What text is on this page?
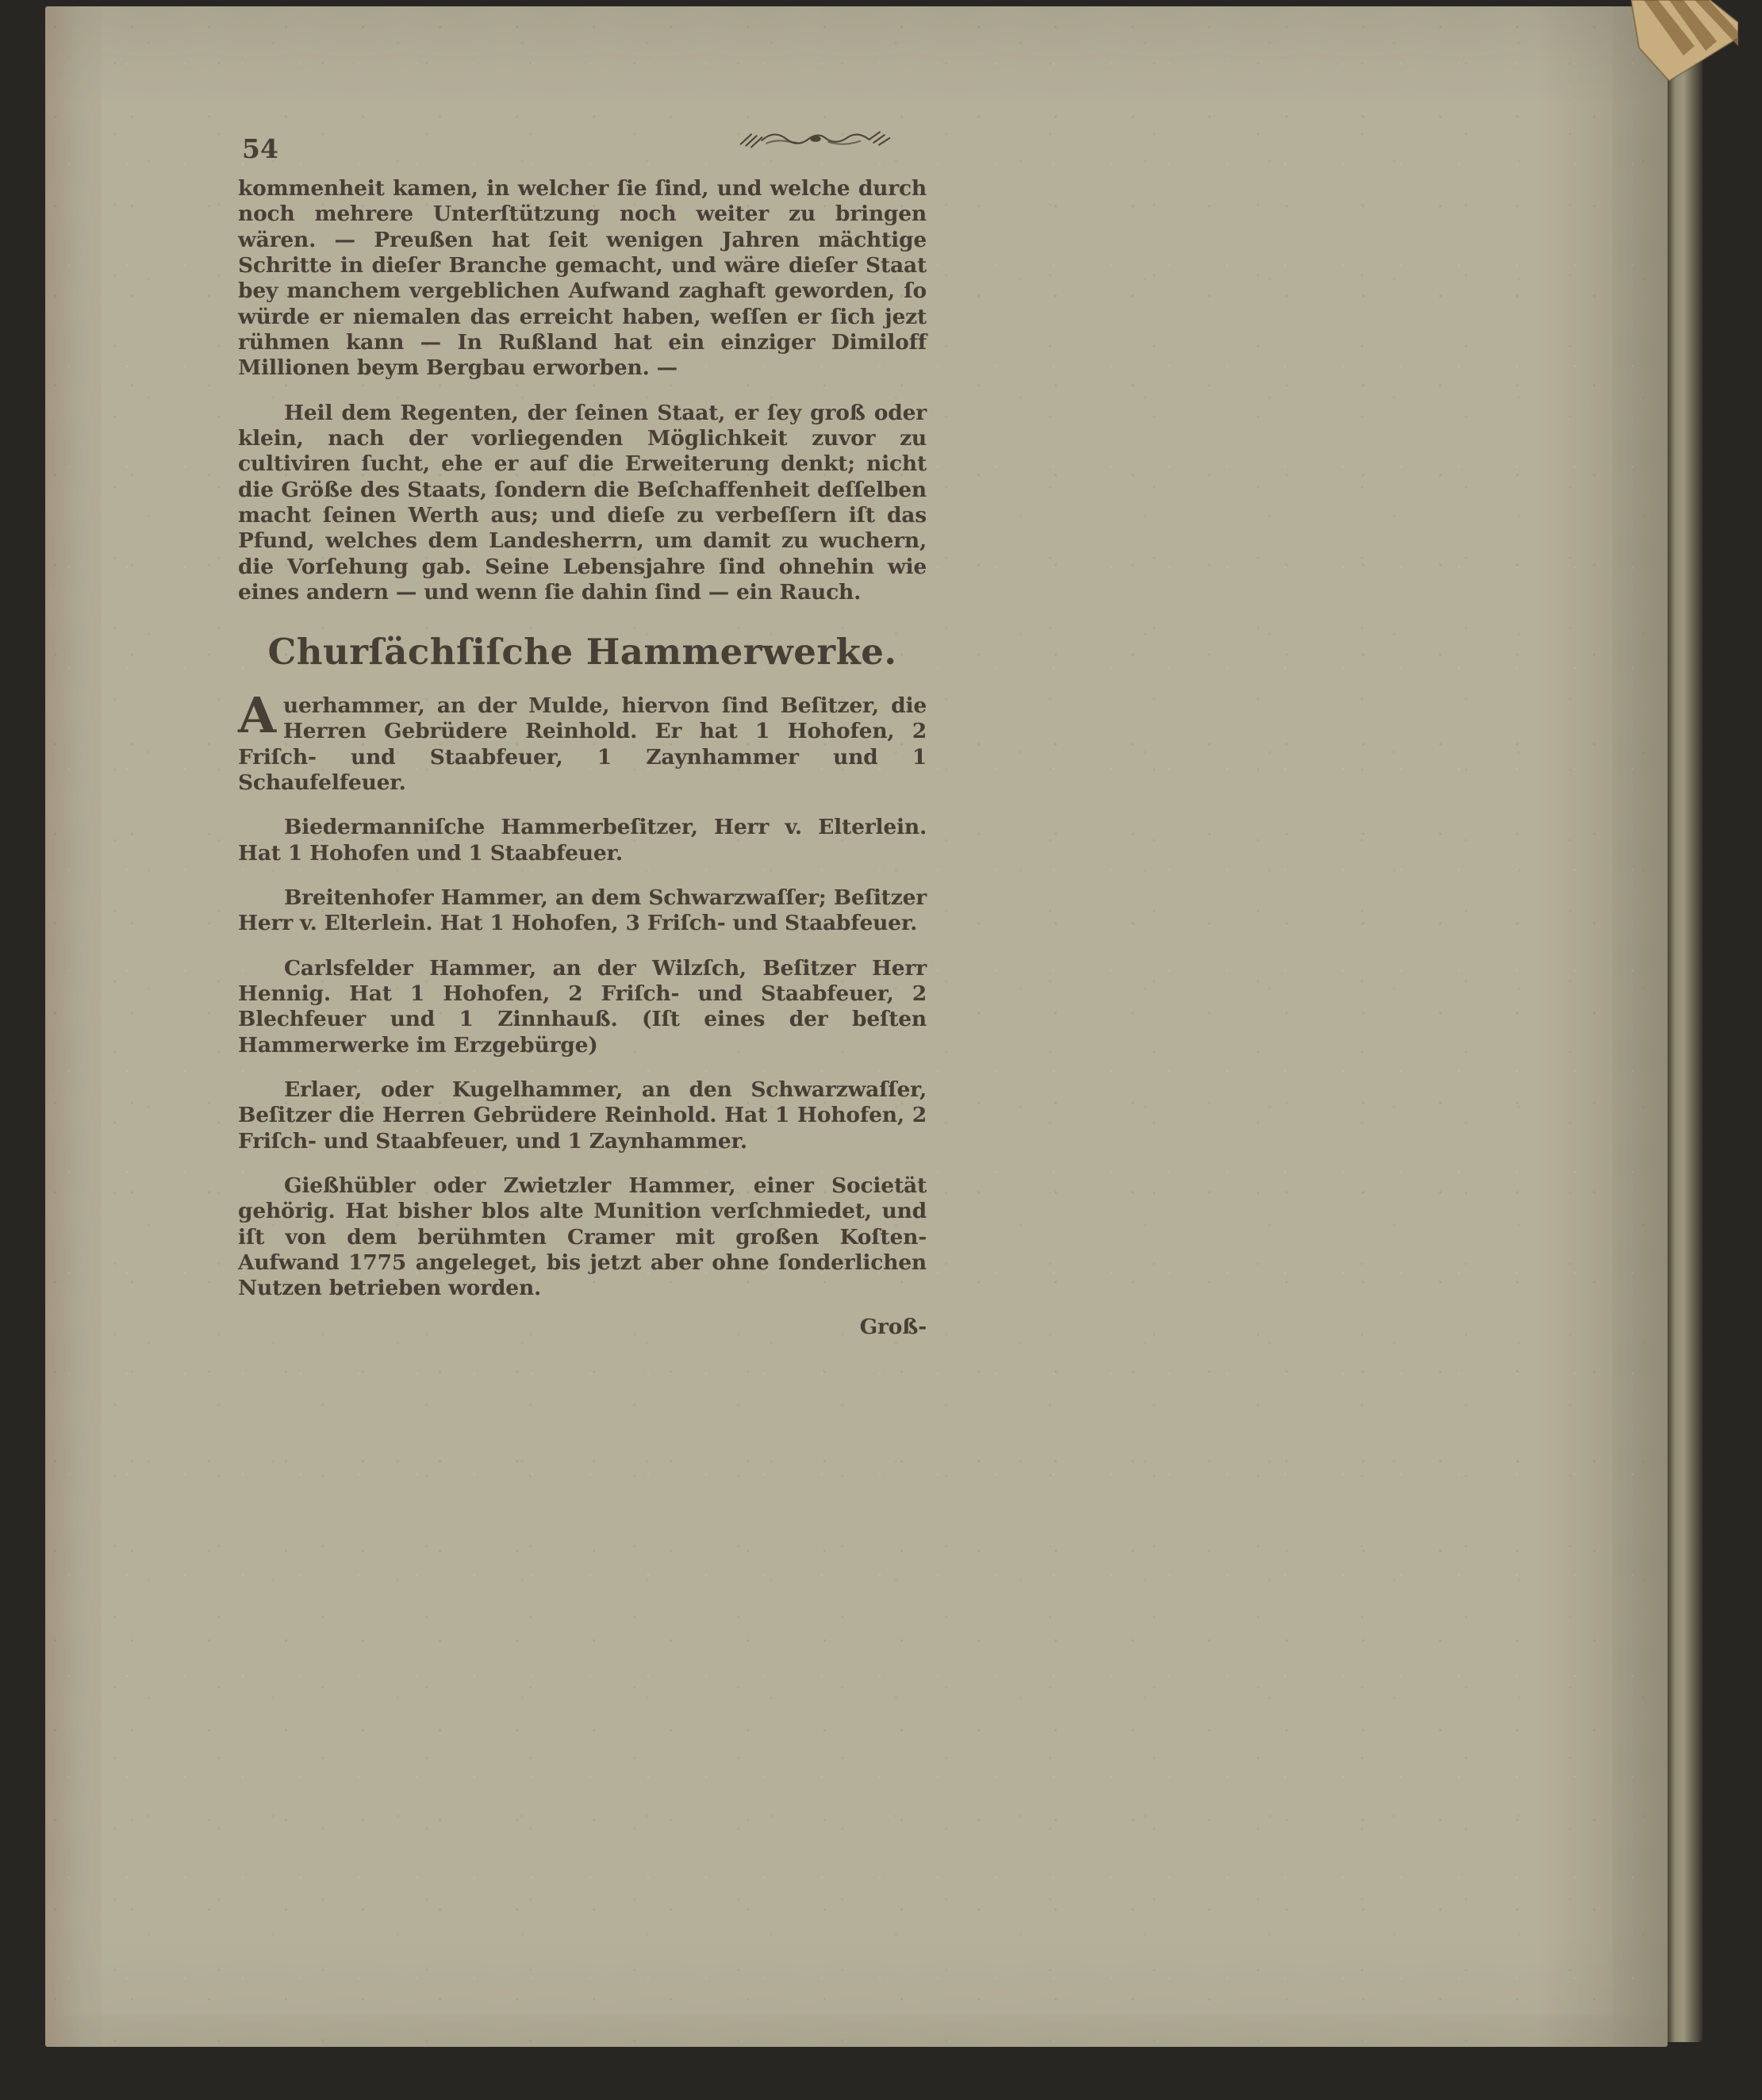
54

kommenheit kamen, in welcher ſie ſind, und welche durch noch mehrere Unterſtützung noch weiter zu bringen wären. — Preußen hat ſeit wenigen Jahren mächtige Schritte in dieſer Branche gemacht, und wäre dieſer Staat bey manchem vergeblichen Aufwand zaghaft geworden, ſo würde er niemalen das erreicht haben, weſſen er ſich jezt rühmen kann — In Rußland hat ein einziger Dimiloff Millionen beym Bergbau erworben. —

Heil dem Regenten, der ſeinen Staat, er ſey groß oder klein, nach der vorliegenden Möglichkeit zuvor zu cultiviren ſucht, ehe er auf die Erweiterung denkt; nicht die Größe des Staats, ſondern die Beſchaffenheit deſſelben macht ſeinen Werth aus; und dieſe zu verbeſſern iſt das Pfund, welches dem Landesherrn, um damit zu wuchern, die Vorſehung gab. Seine Lebensjahre ſind ohnehin wie eines andern — und wenn ſie dahin ſind — ein Rauch.

Churſächſiſche Hammerwerke.

Auerhammer, an der Mulde, hiervon ſind Beſitzer, die Herren Gebrüdere Reinhold. Er hat 1 Hohofen, 2 Friſch- und Staabfeuer, 1 Zaynhammer und 1 Schaufelfeuer.

Biedermanniſche Hammerbeſitzer, Herr v. Elterlein. Hat 1 Hohofen und 1 Staabfeuer.

Breitenhofer Hammer, an dem Schwarzwaſſer; Beſitzer Herr v. Elterlein. Hat 1 Hohofen, 3 Friſch- und Staabfeuer.

Carlsfelder Hammer, an der Wilzſch, Beſitzer Herr Hennig. Hat 1 Hohofen, 2 Friſch- und Staabfeuer, 2 Blechfeuer und 1 Zinnhauß. (Iſt eines der beſten Hammerwerke im Erzgebürge)

Erlaer, oder Kugelhammer, an den Schwarzwaſſer, Beſitzer die Herren Gebrüdere Reinhold. Hat 1 Hohofen, 2 Friſch- und Staabfeuer, und 1 Zaynhammer.

Gießhübler oder Zwietzler Hammer, einer Societät gehörig. Hat bisher blos alte Munition verſchmiedet, und iſt von dem berühmten Cramer mit großen Koſten-Aufwand 1775 angeleget, bis jetzt aber ohne ſonderlichen Nutzen betrieben worden.

Groß-
